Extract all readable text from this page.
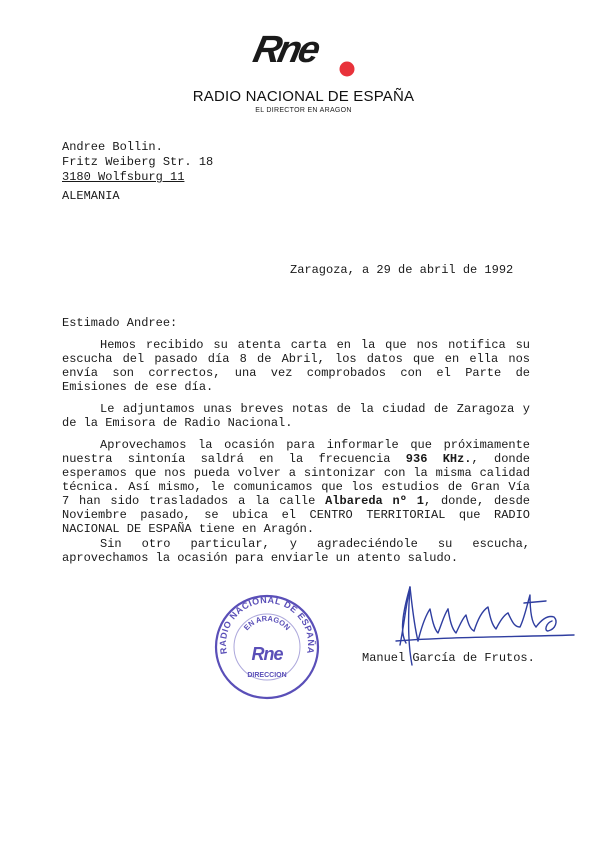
Rne
RADIO NACIONAL DE ESPAÑA
EL DIRECTOR EN ARAGON
Andree Bollin.
Fritz Weiberg Str. 18
3180 Wolfsburg 11
ALEMANIA
Zaragoza, a 29 de abril de 1992
Estimado Andree:

Hemos recibido su atenta carta en la que nos notifica su escucha del pasado día 8 de Abril, los datos que en ella nos envía son correctos, una vez comprobados con el Parte de Emisiones de ese día.

Le adjuntamos unas breves notas de la ciudad de Zaragoza y de la Emisora de Radio Nacional.

Aprovechamos la ocasión para informarle que próximamente nuestra sintonía saldrá en la frecuencia 936 KHz., donde esperamos que nos pueda volver a sintonizar con la misma calidad técnica. Así mismo, le comunicamos que los estudios de Gran Vía 7 han sido trasladados a la calle Albareda nº 1, donde, desde Noviembre pasado, se ubica el CENTRO TERRITORIAL que RADIO NACIONAL DE ESPAÑA tiene en Aragón.

Sin otro particular, y agradeciéndole su escucha, aprovechamos la ocasión para enviarle un atento saludo.

RADIO NACIONAL DE ESPAÑA
EN ARAGON
Rne
DIRECCION
Manuel García de Frutos.
